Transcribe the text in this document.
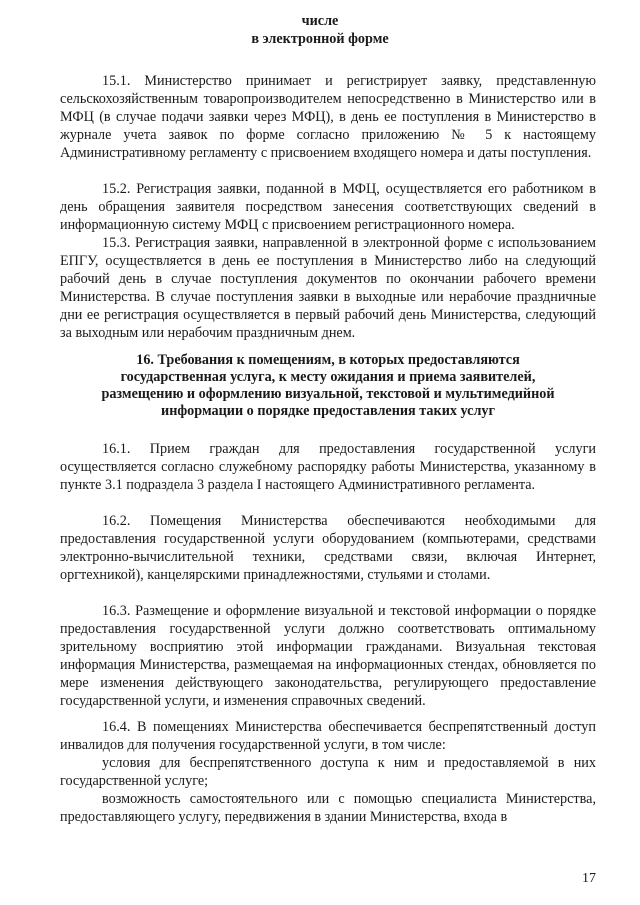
числе
в электронной форме

15.1. Министерство принимает и регистрирует заявку, представленную сельскохозяйственным товаропроизводителем непосредственно в Министерство или в МФЦ (в случае подачи заявки через МФЦ), в день ее поступления в Министерство в журнале учета заявок по форме согласно приложению № 5 к настоящему Административному регламенту с присвоением входящего номера и даты поступления.

15.2. Регистрация заявки, поданной в МФЦ, осуществляется его работником в день обращения заявителя посредством занесения соответствующих сведений в информационную систему МФЦ с присвоением регистрационного номера.

15.3. Регистрация заявки, направленной в электронной форме с использованием ЕПГУ, осуществляется в день ее поступления в Министерство либо на следующий рабочий день в случае поступления документов по окончании рабочего времени Министерства. В случае поступления заявки в выходные или нерабочие праздничные дни ее регистрация осуществляется в первый рабочий день Министерства, следующий за выходным или нерабочим праздничным днем.

16. Требования к помещениям, в которых предоставляются
государственная услуга, к месту ожидания и приема заявителей,
размещению и оформлению визуальной, текстовой и мультимедийной
информации о порядке предоставления таких услуг

16.1. Прием граждан для предоставления государственной услуги осуществляется согласно служебному распорядку работы Министерства, указанному в пункте 3.1 подраздела 3 раздела I настоящего Административного регламента.

16.2. Помещения Министерства обеспечиваются необходимыми для предоставления государственной услуги оборудованием (компьютерами, средствами электронно-вычислительной техники, средствами связи, включая Интернет, оргтехникой), канцелярскими принадлежностями, стульями и столами.

16.3. Размещение и оформление визуальной и текстовой информации о порядке предоставления государственной услуги должно соответствовать оптимальному зрительному восприятию этой информации гражданами. Визуальная текстовая информация Министерства, размещаемая на информационных стендах, обновляется по мере изменения действующего законодательства, регулирующего предоставление государственной услуги, и изменения справочных сведений.

16.4. В помещениях Министерства обеспечивается беспрепятственный доступ инвалидов для получения государственной услуги, в том числе:

условия для беспрепятственного доступа к ним и предоставляемой в них государственной услуге;

возможность самостоятельного или с помощью специалиста Министерства, предоставляющего услугу, передвижения в здании Министерства, входа в

17
